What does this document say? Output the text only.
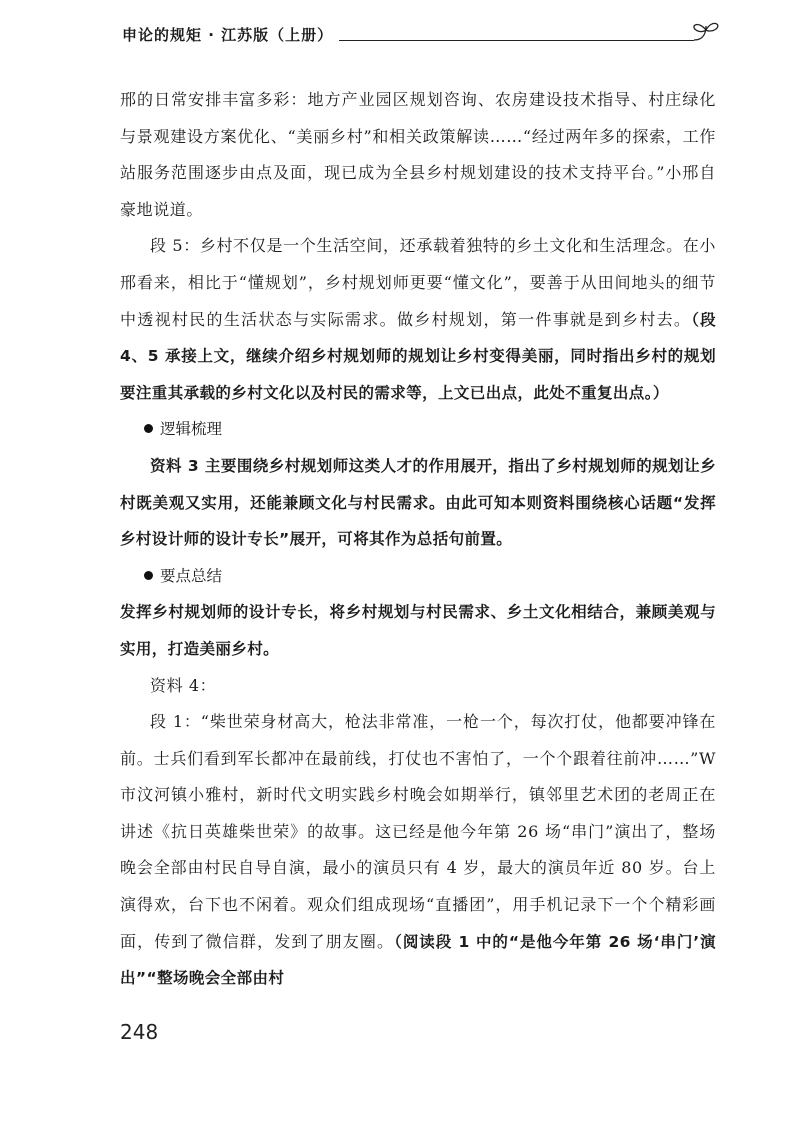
申论的规矩 · 江苏版（上册）

邢的日常安排丰富多彩：地方产业园区规划咨询、农房建设技术指导、村庄绿化与景观建设方案优化、“美丽乡村”和相关政策解读……“经过两年多的探索，工作站服务范围逐步由点及面，现已成为全县乡村规划建设的技术支持平台。”小邢自豪地说道。

段 5：乡村不仅是一个生活空间，还承载着独特的乡土文化和生活理念。在小邢看来，相比于“懂规划”，乡村规划师更要“懂文化”，要善于从田间地头的细节中透视村民的生活状态与实际需求。做乡村规划，第一件事就是到乡村去。（段 4、5 承接上文，继续介绍乡村规划师的规划让乡村变得美丽，同时指出乡村的规划要注重其承载的乡村文化以及村民的需求等，上文已出点，此处不重复出点。）

逻辑梳理

资料 3 主要围绕乡村规划师这类人才的作用展开，指出了乡村规划师的规划让乡村既美观又实用，还能兼顾文化与村民需求。由此可知本则资料围绕核心话题“发挥乡村设计师的设计专长”展开，可将其作为总括句前置。

要点总结

发挥乡村规划师的设计专长，将乡村规划与村民需求、乡土文化相结合，兼顾美观与实用，打造美丽乡村。

资料 4：

段 1：“柴世荣身材高大，枪法非常准，一枪一个，每次打仗，他都要冲锋在前。士兵们看到军长都冲在最前线，打仗也不害怕了，一个个跟着往前冲……”W 市汶河镇小雅村，新时代文明实践乡村晚会如期举行，镇邻里艺术团的老周正在讲述《抗日英雄柴世荣》的故事。这已经是他今年第 26 场“串门”演出了，整场晚会全部由村民自导自演，最小的演员只有 4 岁，最大的演员年近 80 岁。台上演得欢，台下也不闲着。观众们组成现场“直播团”，用手机记录下一个个精彩画面，传到了微信群，发到了朋友圈。（阅读段 1 中的“是他今年第 26 场‘串门’演出”“整场晚会全部由村

248
